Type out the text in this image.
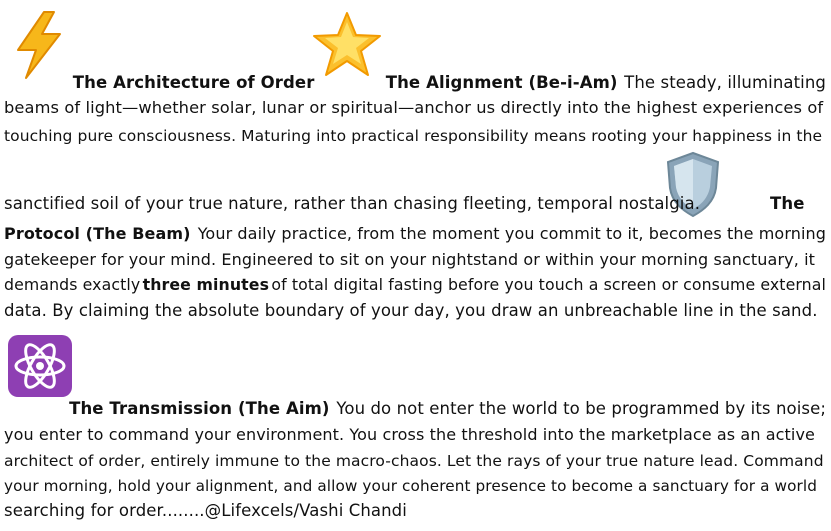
The Architecture of Order	The Alignment (Be-i-Am) The steady, illuminating
beams of light—whether solar, lunar or spiritual—anchor us directly into the highest experiences of
touching pure consciousness. Maturing into practical responsibility means rooting your happiness in the
sanctified soil of your true nature, rather than chasing fleeting, temporal nostalgia.	The
Protocol (The Beam) Your daily practice, from the moment you commit to it, becomes the morning
gatekeeper for your mind. Engineered to sit on your nightstand or within your morning sanctuary, it
demands exactly three minutes of total digital fasting before you touch a screen or consume external
data. By claiming the absolute boundary of your day, you draw an unbreachable line in the sand.
The Transmission (The Aim) You do not enter the world to be programmed by its noise;
you enter to command your environment. You cross the threshold into the marketplace as an active
architect of order, entirely immune to the macro-chaos. Let the rays of your true nature lead. Command
your morning, hold your alignment, and allow your coherent presence to become a sanctuary for a world
searching for order........@Lifexcels/Vashi Chandi
